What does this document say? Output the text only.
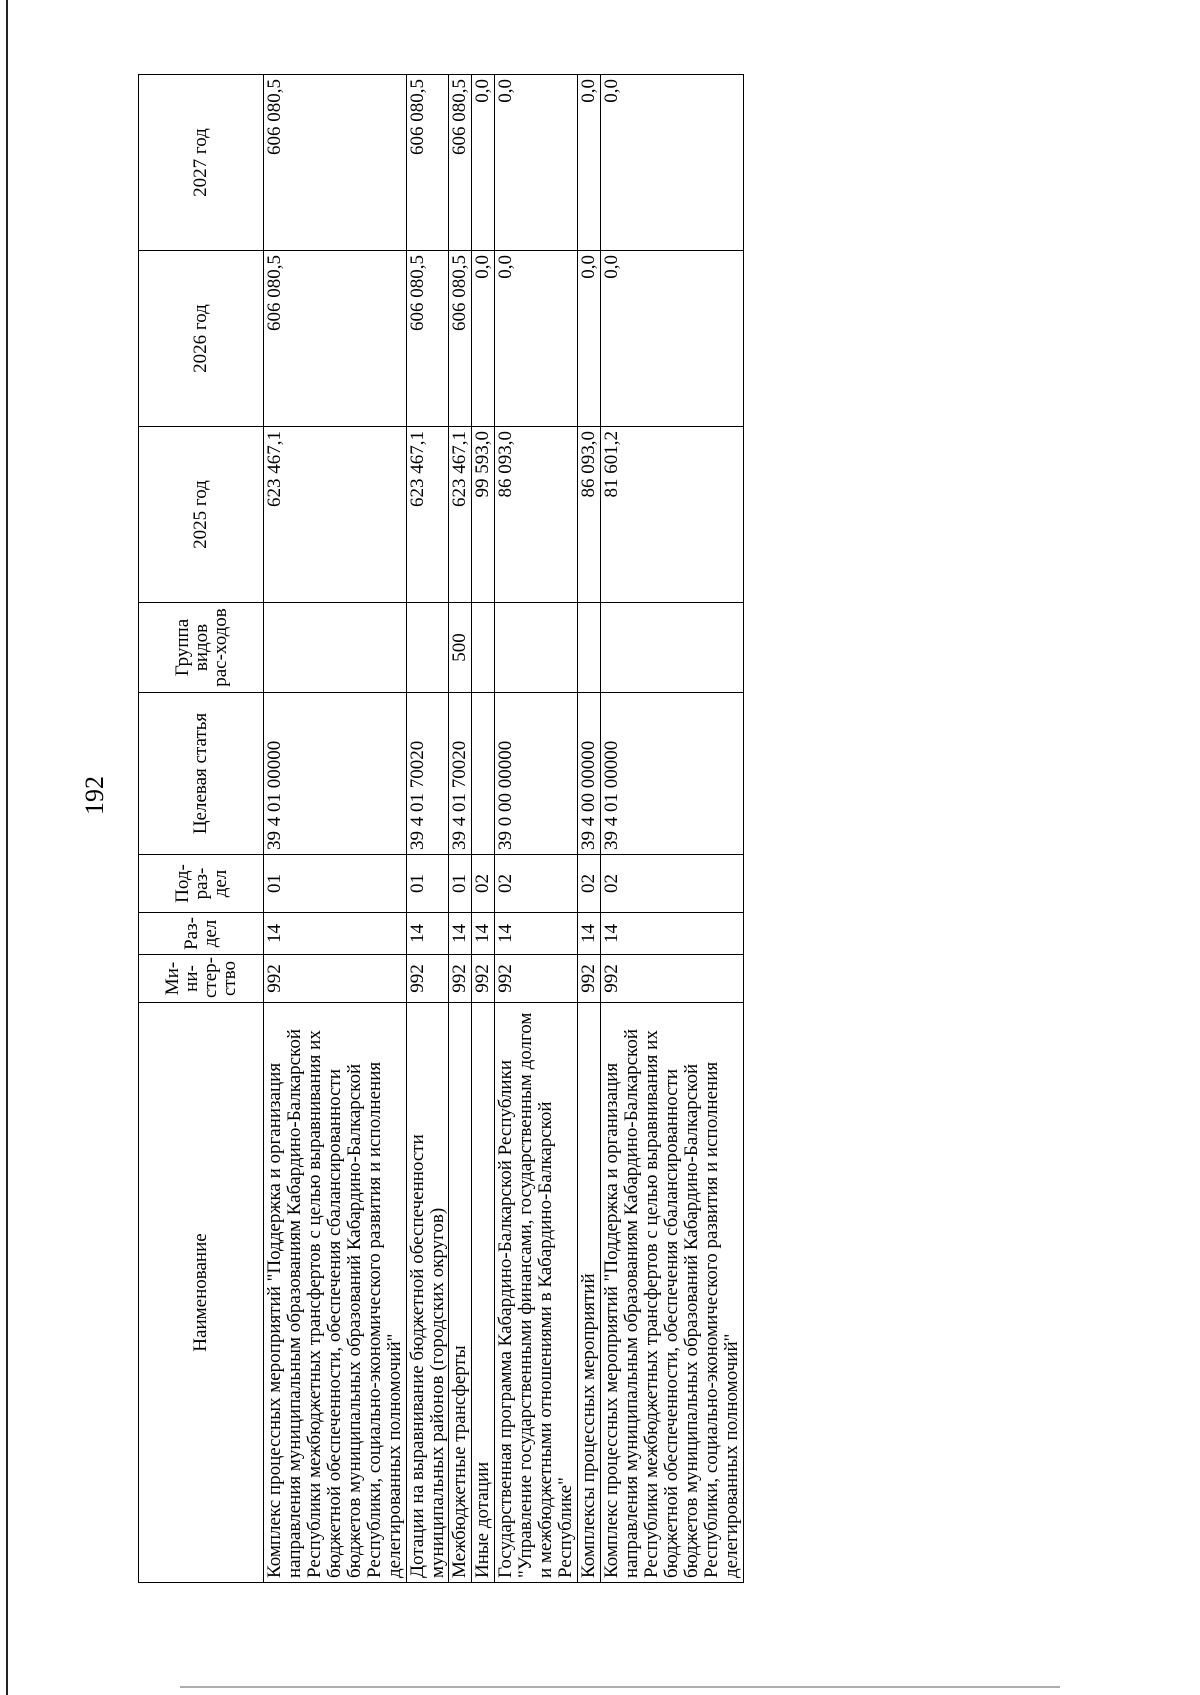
192
Наименование	Ми-ни-стер-ство	Раз-дел	Под-раз-дел	Целевая статья	Группа видов рас-ходов	2025 год	2026 год	2027 год
Комплекс процессных мероприятий "Поддержка и организация направления муниципальным образованиям Кабардино-Балкарской Республики межбюджетных трансфертов с целью выравнивания их бюджетной обеспеченности, обеспечения сбалансированности бюджетов муниципальных образований Кабардино-Балкарской Республики, социально-экономического развития и исполнения делегированных полномочий"	992	14	01	39 4 01 00000		623 467,1	606 080,5	606 080,5
Дотации на выравнивание бюджетной обеспеченности муниципальных районов (городских округов)	992	14	01	39 4 01 70020		623 467,1	606 080,5	606 080,5
Межбюджетные трансферты	992	14	01	39 4 01 70020	500	623 467,1	606 080,5	606 080,5
Иные дотации	992	14	02			99 593,0	0,0	0,0
Государственная программа Кабардино-Балкарской Республики "Управление государственными финансами, государственным долгом и межбюджетными отношениями в Кабардино-Балкарской Республике"	992	14	02	39 0 00 00000		86 093,0	0,0	0,0
Комплексы процессных мероприятий	992	14	02	39 4 00 00000		86 093,0	0,0	0,0
Комплекс процессных мероприятий "Поддержка и организация направления муниципальным образованиям Кабардино-Балкарской Республики межбюджетных трансфертов с целью выравнивания их бюджетной обеспеченности, обеспечения сбалансированности бюджетов муниципальных образований Кабардино-Балкарской Республики, социально-экономического развития и исполнения делегированных полномочий"	992	14	02	39 4 01 00000		81 601,2	0,0	0,0
